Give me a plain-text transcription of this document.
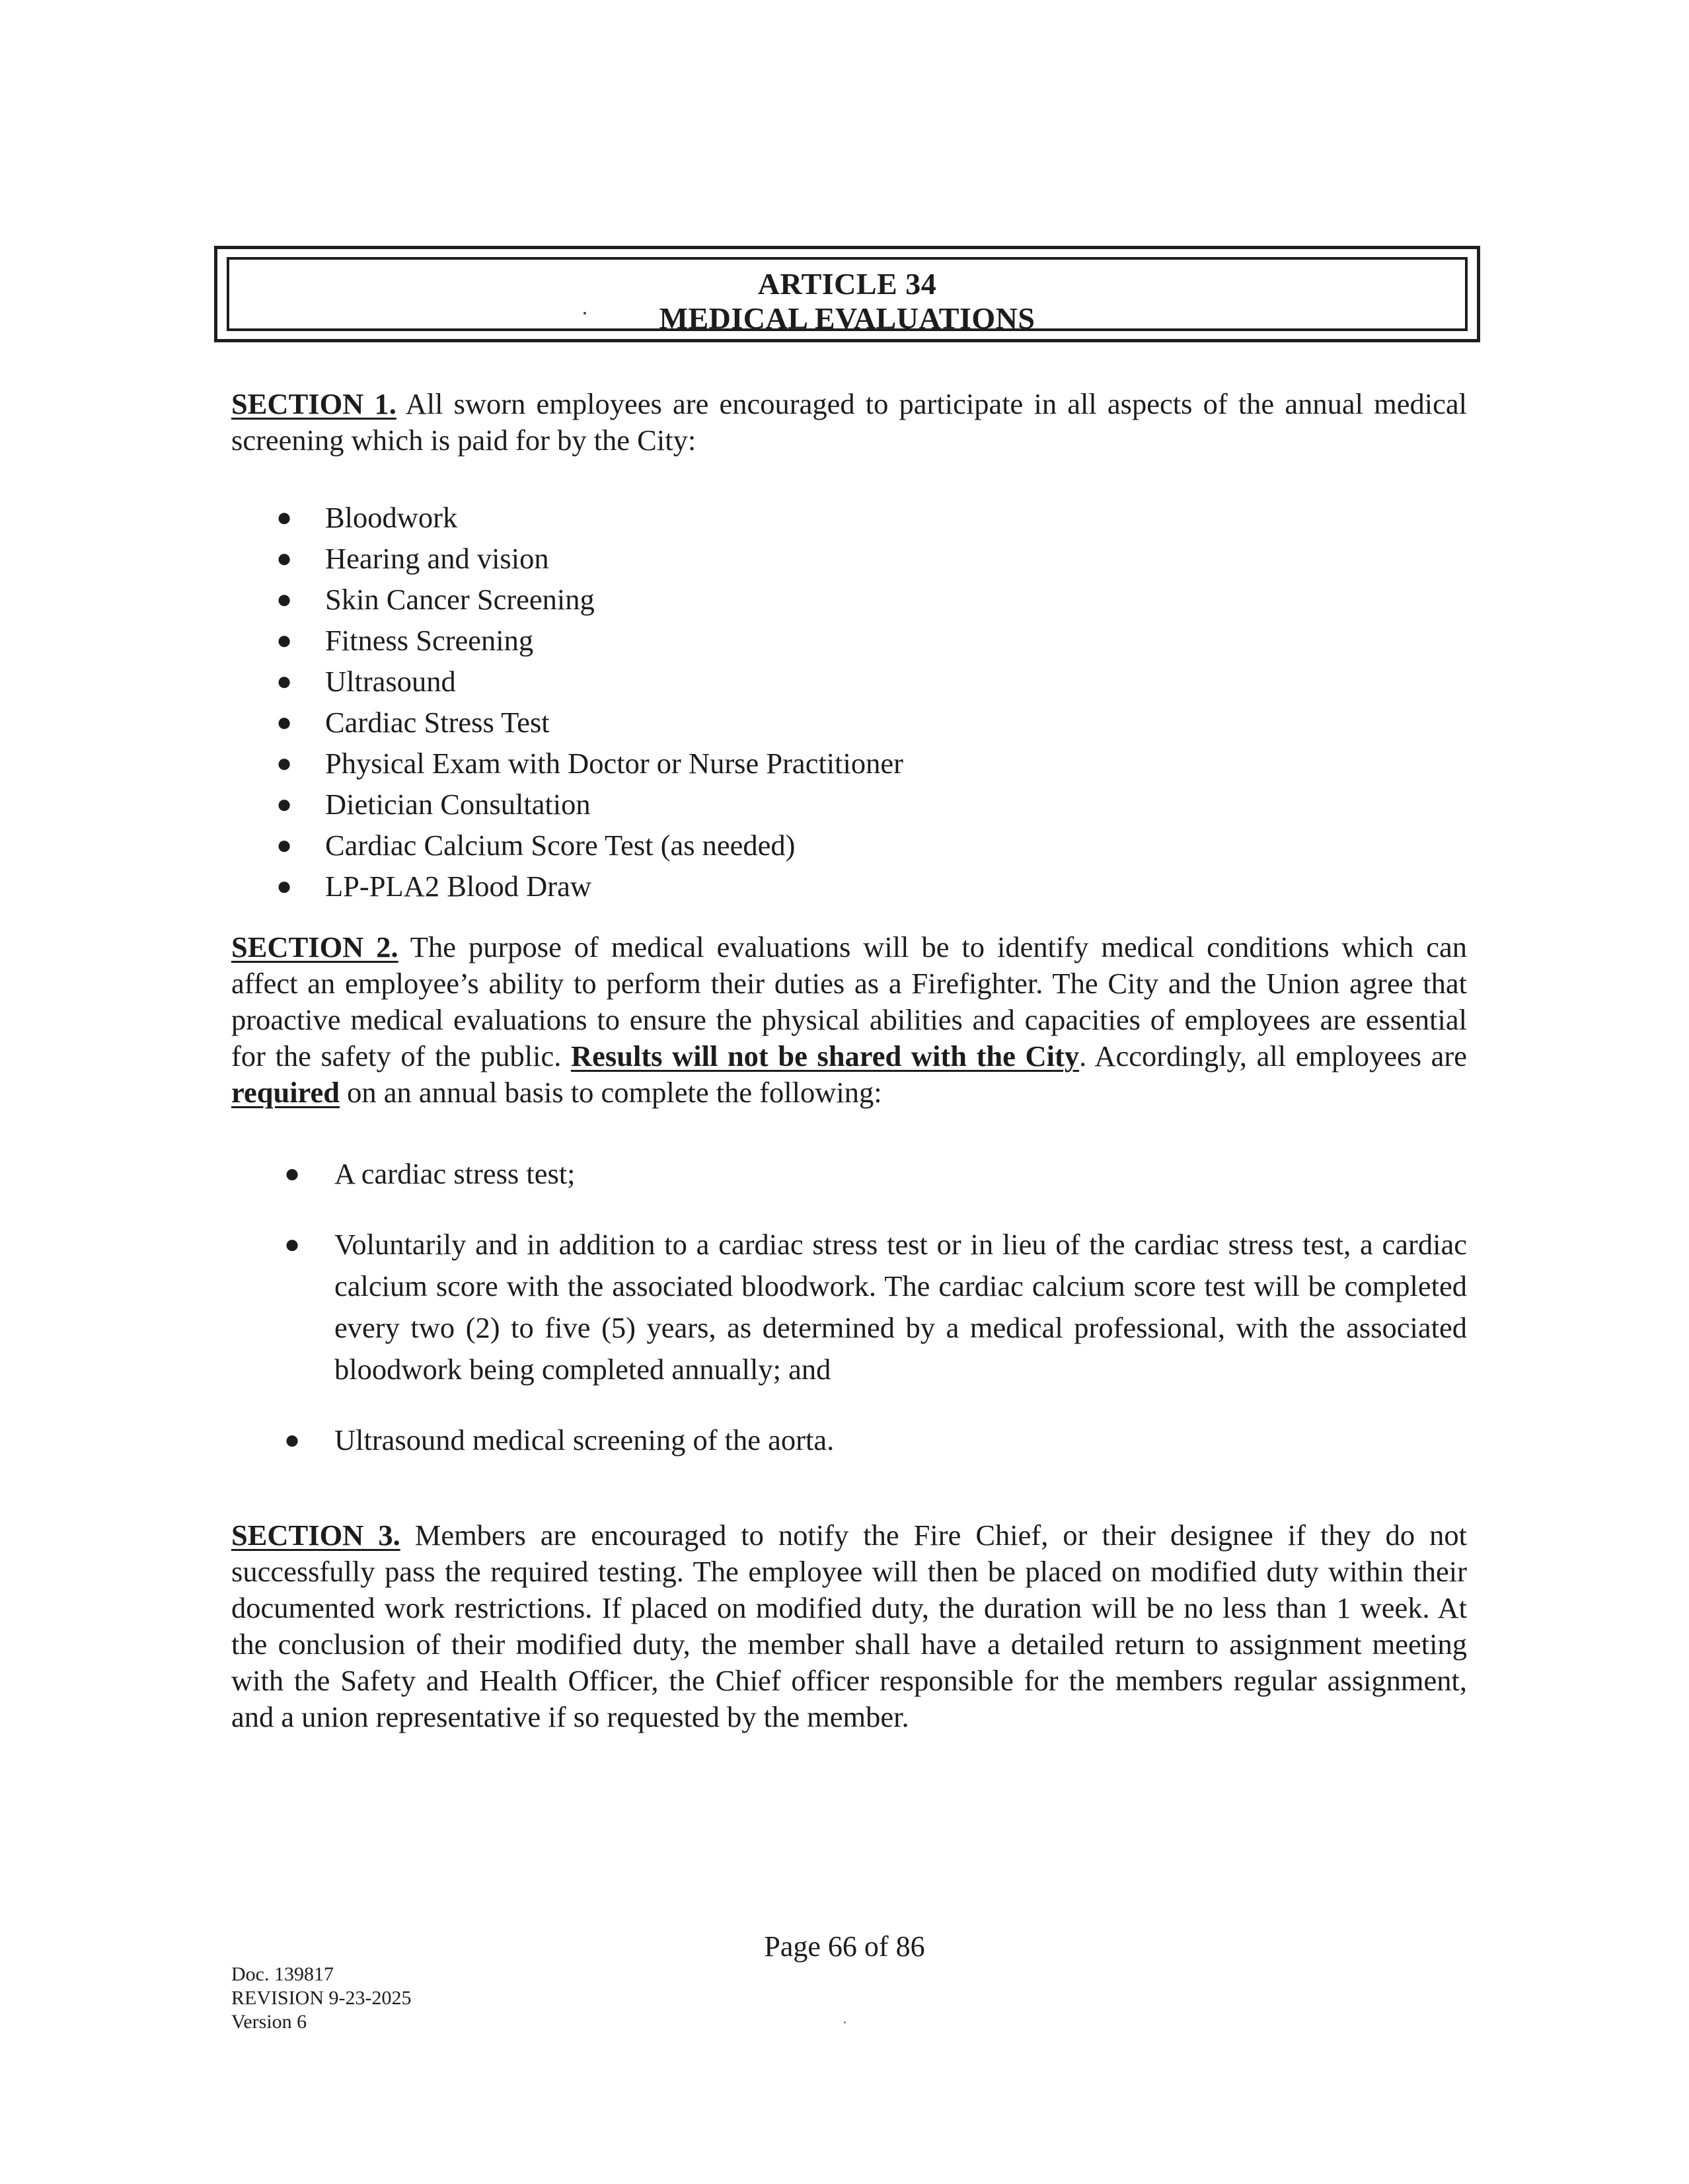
ARTICLE 34
MEDICAL EVALUATIONS
SECTION 1. All sworn employees are encouraged to participate in all aspects of the annual medical screening which is paid for by the City:
● Bloodwork
● Hearing and vision
● Skin Cancer Screening
● Fitness Screening
● Ultrasound
● Cardiac Stress Test
● Physical Exam with Doctor or Nurse Practitioner
● Dietician Consultation
● Cardiac Calcium Score Test (as needed)
● LP-PLA2 Blood Draw
SECTION 2. The purpose of medical evaluations will be to identify medical conditions which can affect an employee’s ability to perform their duties as a Firefighter. The City and the Union agree that proactive medical evaluations to ensure the physical abilities and capacities of employees are essential for the safety of the public. Results will not be shared with the City. Accordingly, all employees are required on an annual basis to complete the following:
● A cardiac stress test;
● Voluntarily and in addition to a cardiac stress test or in lieu of the cardiac stress test, a cardiac calcium score with the associated bloodwork. The cardiac calcium score test will be completed every two (2) to five (5) years, as determined by a medical professional, with the associated bloodwork being completed annually; and
● Ultrasound medical screening of the aorta.
SECTION 3. Members are encouraged to notify the Fire Chief, or their designee if they do not successfully pass the required testing. The employee will then be placed on modified duty within their documented work restrictions. If placed on modified duty, the duration will be no less than 1 week. At the conclusion of their modified duty, the member shall have a detailed return to assignment meeting with the Safety and Health Officer, the Chief officer responsible for the members regular assignment, and a union representative if so requested by the member.
Page 66 of 86
Doc. 139817
REVISION 9-23-2025
Version 6
